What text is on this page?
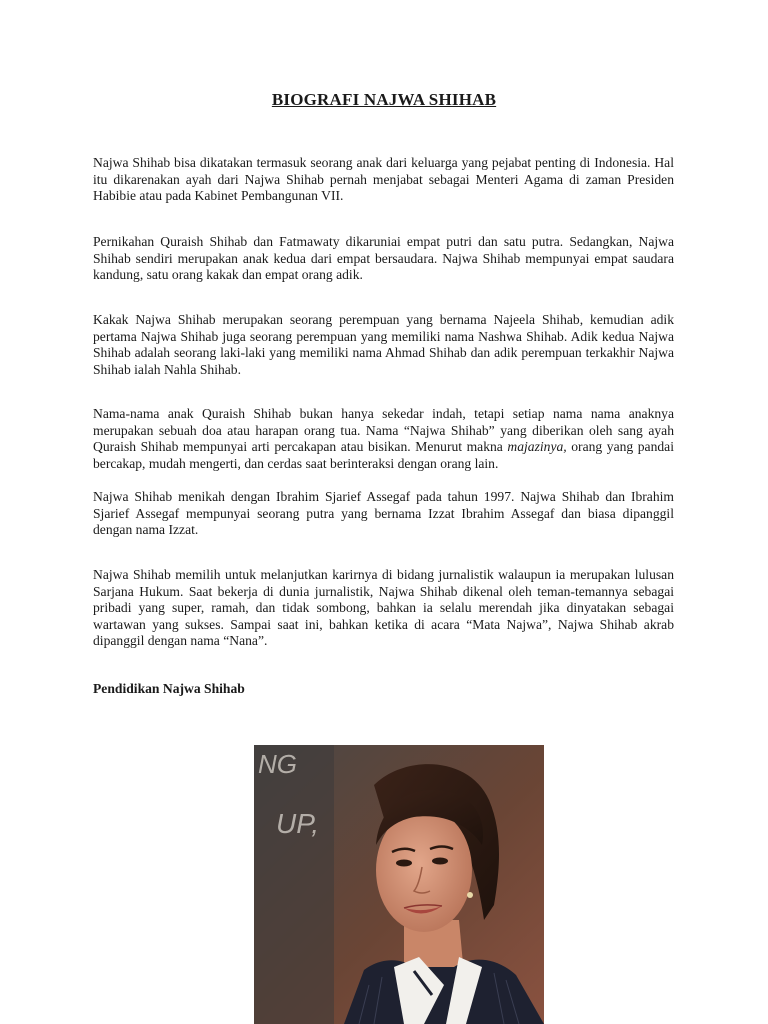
BIOGRAFI NAJWA SHIHAB

Najwa Shihab bisa dikatakan termasuk seorang anak dari keluarga yang pejabat penting di Indonesia. Hal itu dikarenakan ayah dari Najwa Shihab pernah menjabat sebagai Menteri Agama di zaman Presiden Habibie atau pada Kabinet Pembangunan VII.

Pernikahan Quraish Shihab dan Fatmawaty dikaruniai empat putri dan satu putra. Sedangkan, Najwa Shihab sendiri merupakan anak kedua dari empat bersaudara. Najwa Shihab mempunyai empat saudara kandung, satu orang kakak dan empat orang adik.

Kakak Najwa Shihab merupakan seorang perempuan yang bernama Najeela Shihab, kemudian adik pertama Najwa Shihab juga seorang perempuan yang memiliki nama Nashwa Shihab. Adik kedua Najwa Shihab adalah seorang laki-laki yang memiliki nama Ahmad Shihab dan adik perempuan terkakhir Najwa Shihab ialah Nahla Shihab.

Nama-nama anak Quraish Shihab bukan hanya sekedar indah, tetapi setiap nama nama anaknya merupakan sebuah doa atau harapan orang tua. Nama “Najwa Shihab” yang diberikan oleh sang ayah Quraish Shihab mempunyai arti percakapan atau bisikan. Menurut makna majazinya, orang yang pandai bercakap, mudah mengerti, dan cerdas saat berinteraksi dengan orang lain.

Najwa Shihab menikah dengan Ibrahim Sjarief Assegaf pada tahun 1997. Najwa Shihab dan Ibrahim Sjarief Assegaf mempunyai seorang putra yang bernama Izzat Ibrahim Assegaf dan biasa dipanggil dengan nama Izzat.

Najwa Shihab memilih untuk melanjutkan karirnya di bidang jurnalistik walaupun ia merupakan lulusan Sarjana Hukum. Saat bekerja di dunia jurnalistik, Najwa Shihab dikenal oleh teman-temannya sebagai pribadi yang super, ramah, dan tidak sombong, bahkan ia selalu merendah jika dinyatakan sebagai wartawan yang sukses. Sampai saat ini, bahkan ketika di acara “Mata Najwa”, Najwa Shihab akrab dipanggil dengan nama “Nana”.

Pendidikan Najwa Shihab
NG
UP,
